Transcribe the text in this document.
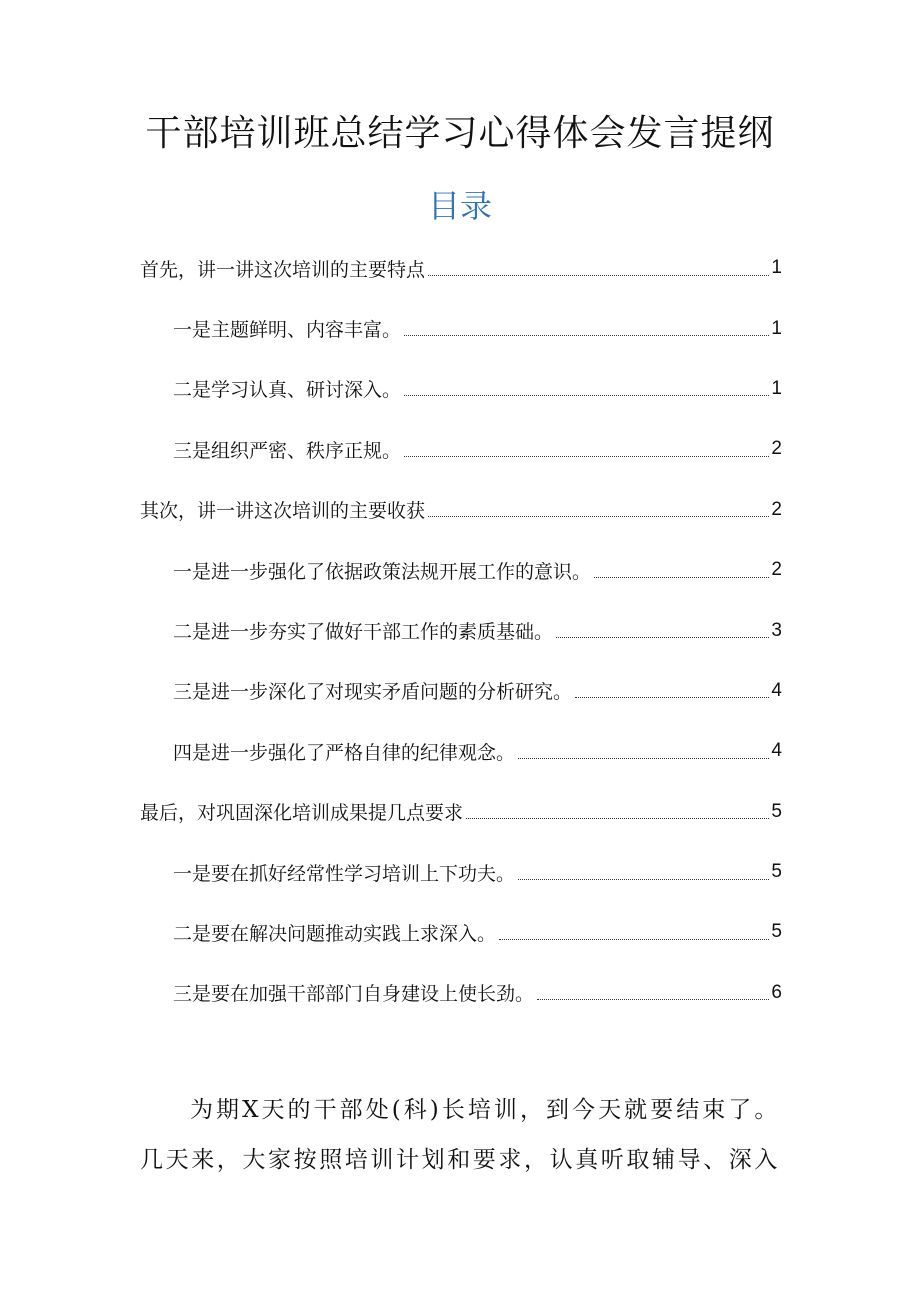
干部培训班总结学习心得体会发言提纲
目录
首先，讲一讲这次培训的主要特点	1
一是主题鲜明、内容丰富。	1
二是学习认真、研讨深入。	1
三是组织严密、秩序正规。	2
其次，讲一讲这次培训的主要收获	2
一是进一步强化了依据政策法规开展工作的意识。	2
二是进一步夯实了做好干部工作的素质基础。	3
三是进一步深化了对现实矛盾问题的分析研究。	4
四是进一步强化了严格自律的纪律观念。	4
最后，对巩固深化培训成果提几点要求	5
一是要在抓好经常性学习培训上下功夫。	5
二是要在解决问题推动实践上求深入。	5
三是要在加强干部部门自身建设上使长劲。	6

为期X天的干部处(科)长培训，到今天就要结束了。几天来，大家按照培训计划和要求，认真听取辅导、深入
